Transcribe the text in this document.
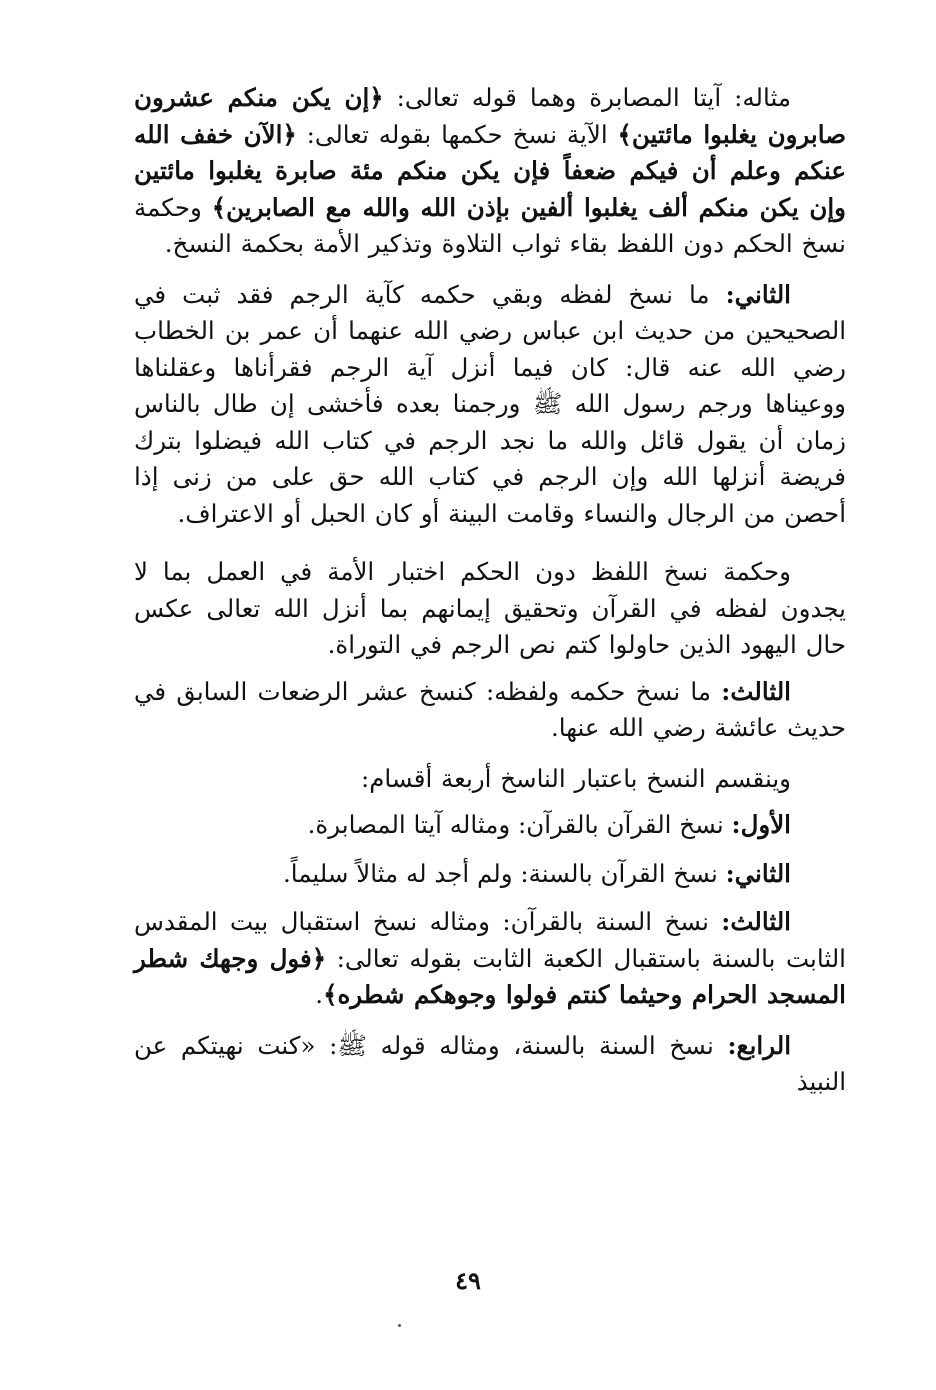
مثاله: آيتا المصابرة وهما قوله تعالى: ﴿إن يكن منكم عشرون صابرون يغلبوا مائتين﴾ الآية نسخ حكمها بقوله تعالى: ﴿الآن خفف الله عنكم وعلم أن فيكم ضعفاً فإن يكن منكم مئة صابرة يغلبوا مائتين وإن يكن منكم ألف يغلبوا ألفين بإذن الله والله مع الصابرين﴾ وحكمة نسخ الحكم دون اللفظ بقاء ثواب التلاوة وتذكير الأمة بحكمة النسخ.

الثاني: ما نسخ لفظه وبقي حكمه كآية الرجم فقد ثبت في الصحيحين من حديث ابن عباس رضي الله عنهما أن عمر بن الخطاب رضي الله عنه قال: كان فيما أنزل آية الرجم فقرأناها وعقلناها ووعيناها ورجم رسول الله ﷺ ورجمنا بعده فأخشى إن طال بالناس زمان أن يقول قائل والله ما نجد الرجم في كتاب الله فيضلوا بترك فريضة أنزلها الله وإن الرجم في كتاب الله حق على من زنى إذا أحصن من الرجال والنساء وقامت البينة أو كان الحبل أو الاعتراف.

وحكمة نسخ اللفظ دون الحكم اختبار الأمة في العمل بما لا يجدون لفظه في القرآن وتحقيق إيمانهم بما أنزل الله تعالى عكس حال اليهود الذين حاولوا كتم نص الرجم في التوراة.

الثالث: ما نسخ حكمه ولفظه: كنسخ عشر الرضعات السابق في حديث عائشة رضي الله عنها.

وينقسم النسخ باعتبار الناسخ أربعة أقسام:

الأول: نسخ القرآن بالقرآن: ومثاله آيتا المصابرة.
الثاني: نسخ القرآن بالسنة: ولم أجد له مثالاً سليماً.

الثالث: نسخ السنة بالقرآن: ومثاله نسخ استقبال بيت المقدس الثابت بالسنة باستقبال الكعبة الثابت بقوله تعالى: ﴿فول وجهك شطر المسجد الحرام وحيثما كنتم فولوا وجوهكم شطره﴾.

الرابع: نسخ السنة بالسنة، ومثاله قوله ﷺ: «كنت نهيتكم عن النبيذ

٤٩
